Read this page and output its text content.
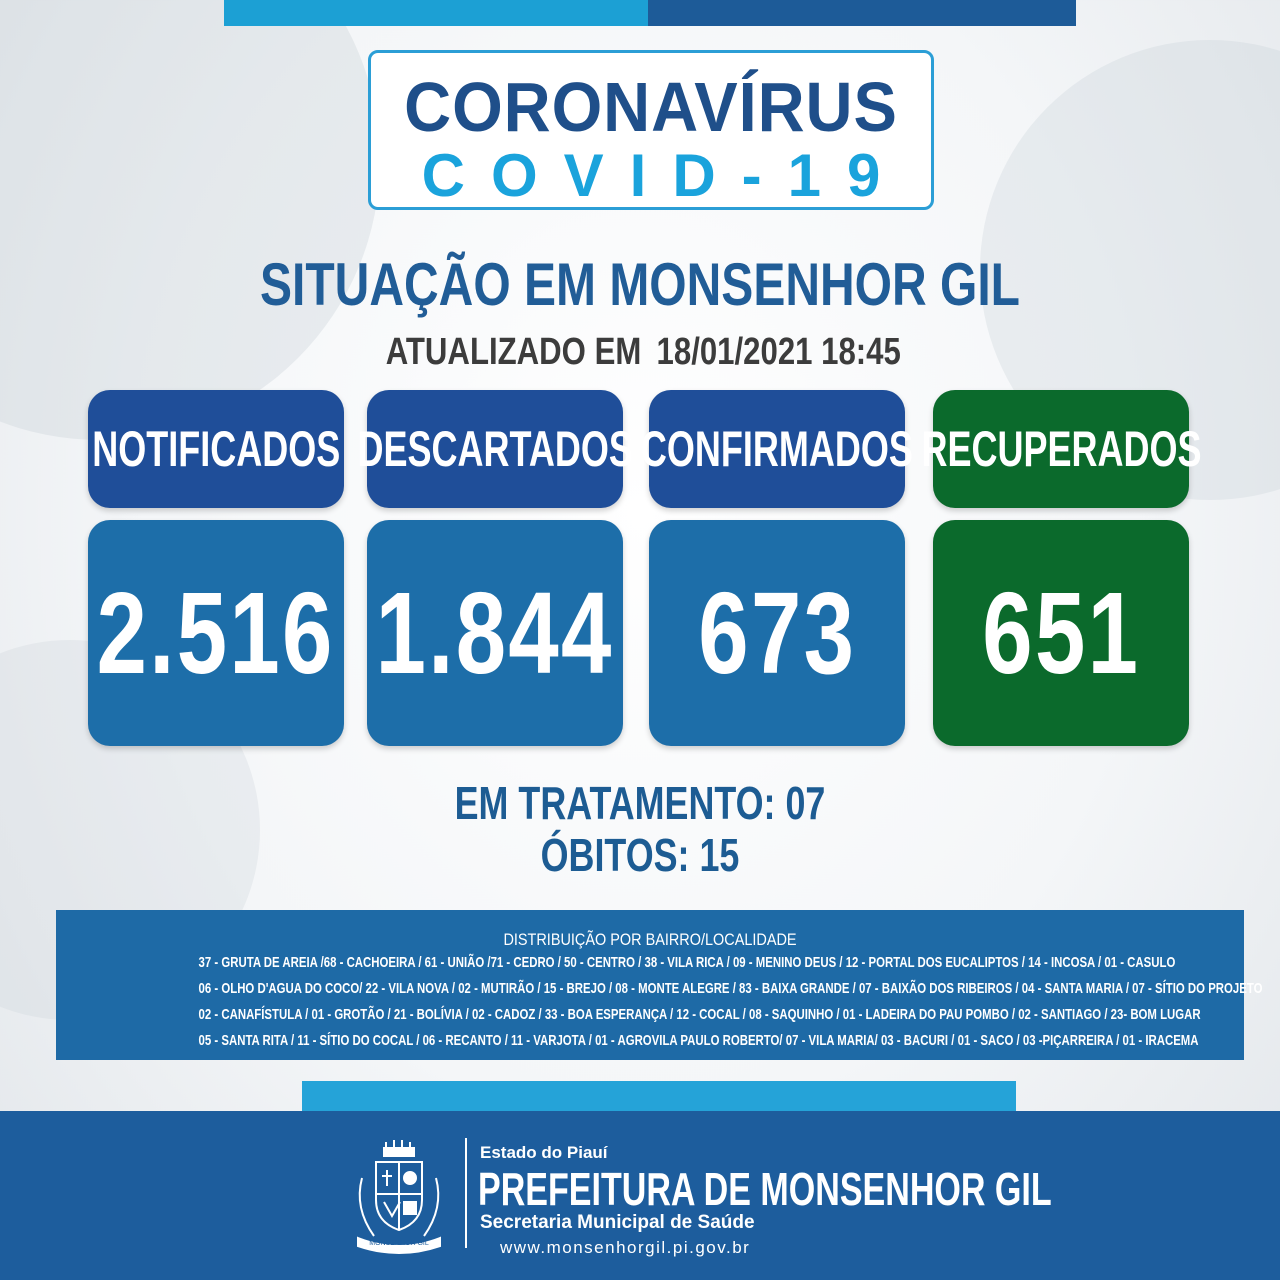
CORONAVÍRUS
COVID-19
SITUAÇÃO EM MONSENHOR GIL
ATUALIZADO EM 18/01/2021 18:45
NOTIFICADOS DESCARTADOS CONFIRMADOS RECUPERADOS
2.516 1.844 673 651
EM TRATAMENTO: 07
ÓBITOS: 15
DISTRIBUIÇÃO POR BAIRRO/LOCALIDADE
37 - GRUTA DE AREIA /68 - CACHOEIRA / 61 - UNIÃO /71 - CEDRO / 50 - CENTRO / 38 - VILA RICA / 09 - MENINO DEUS / 12 - PORTAL DOS EUCALIPTOS / 14 - INCOSA / 01 - CASULO
06 - OLHO D'AGUA DO COCO/ 22 - VILA NOVA / 02 - MUTIRÃO / 15 - BREJO / 08 - MONTE ALEGRE / 83 - BAIXA GRANDE / 07 - BAIXÃO DOS RIBEIROS / 04 - SANTA MARIA / 07 - SÍTIO DO PROJETO
02 - CANAFÍSTULA / 01 - GROTÃO / 21 - BOLÍVIA / 02 - CADOZ / 33 - BOA ESPERANÇA / 12 - COCAL / 08 - SAQUINHO / 01 - LADEIRA DO PAU POMBO / 02 - SANTIAGO / 23- BOM LUGAR
05 - SANTA RITA / 11 - SÍTIO DO COCAL / 06 - RECANTO / 11 - VARJOTA / 01 - AGROVILA PAULO ROBERTO/ 07 - VILA MARIA/ 03 - BACURI / 01 - SACO / 03 -PIÇARREIRA / 01 - IRACEMA
MONSENHOR GIL
Estado do Piauí
PREFEITURA DE MONSENHOR GIL
Secretaria Municipal de Saúde
www.monsenhorgil.pi.gov.br
